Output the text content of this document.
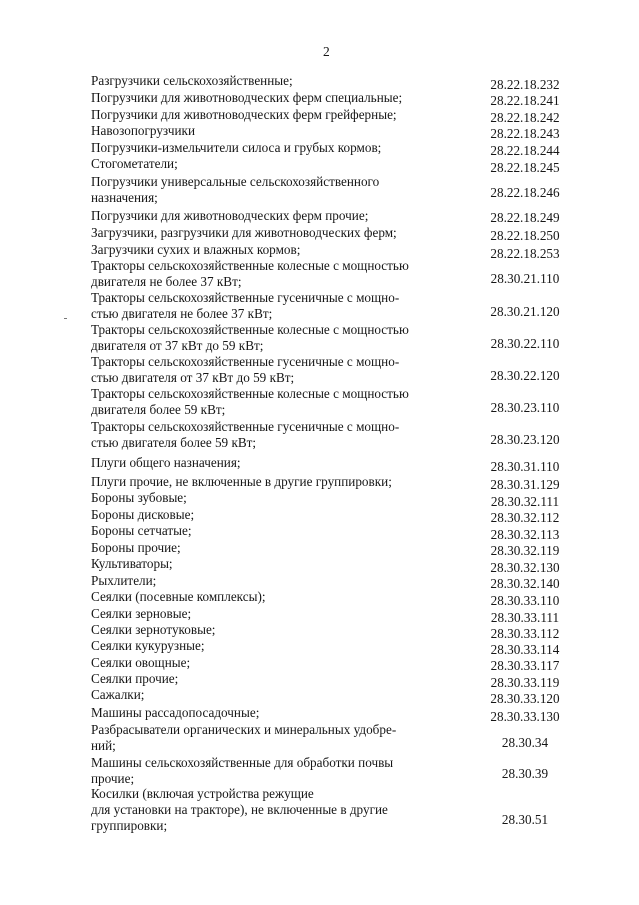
2
Разгрузчики сельскохозяйственные;	28.22.18.232
Погрузчики для животноводческих ферм специальные;	28.22.18.241
Погрузчики для животноводческих ферм грейферные;	28.22.18.242
Навозопогрузчики	28.22.18.243
Погрузчики-измельчители силоса и грубых кормов;	28.22.18.244
Стогометатели;	28.22.18.245
Погрузчики универсальные сельскохозяйственного
назначения;	28.22.18.246
Погрузчики для животноводческих ферм прочие;	28.22.18.249
Загрузчики, разгрузчики для животноводческих ферм;	28.22.18.250
Загрузчики сухих и влажных кормов;	28.22.18.253
Тракторы сельскохозяйственные колесные с мощностью
двигателя не более 37 кВт;	28.30.21.110
Тракторы сельскохозяйственные гусеничные с мощно-
стью двигателя не более 37 кВт;	28.30.21.120
Тракторы сельскохозяйственные колесные с мощностью
двигателя от 37 кВт до 59 кВт;	28.30.22.110
Тракторы сельскохозяйственные гусеничные с мощно-
стью двигателя от 37 кВт до 59 кВт;	28.30.22.120
Тракторы сельскохозяйственные колесные с мощностью
двигателя более 59 кВт;	28.30.23.110
Тракторы сельскохозяйственные гусеничные с мощно-
стью двигателя более 59 кВт;	28.30.23.120
Плуги общего назначения;	28.30.31.110
Плуги прочие, не включенные в другие группировки;	28.30.31.129
Бороны зубовые;	28.30.32.111
Бороны дисковые;	28.30.32.112
Бороны сетчатые;	28.30.32.113
Бороны прочие;	28.30.32.119
Культиваторы;	28.30.32.130
Рыхлители;	28.30.32.140
Сеялки (посевные комплексы);	28.30.33.110
Сеялки зерновые;	28.30.33.111
Сеялки зернотуковые;	28.30.33.112
Сеялки кукурузные;	28.30.33.114
Сеялки овощные;	28.30.33.117
Сеялки прочие;	28.30.33.119
Сажалки;	28.30.33.120
Машины рассадопосадочные;	28.30.33.130
Разбрасыватели органических и минеральных удобре-
ний;	28.30.34
Машины сельскохозяйственные для обработки почвы
прочие;	28.30.39
Косилки (включая устройства режущие
для установки на тракторе), не включенные в другие
группировки;	28.30.51
